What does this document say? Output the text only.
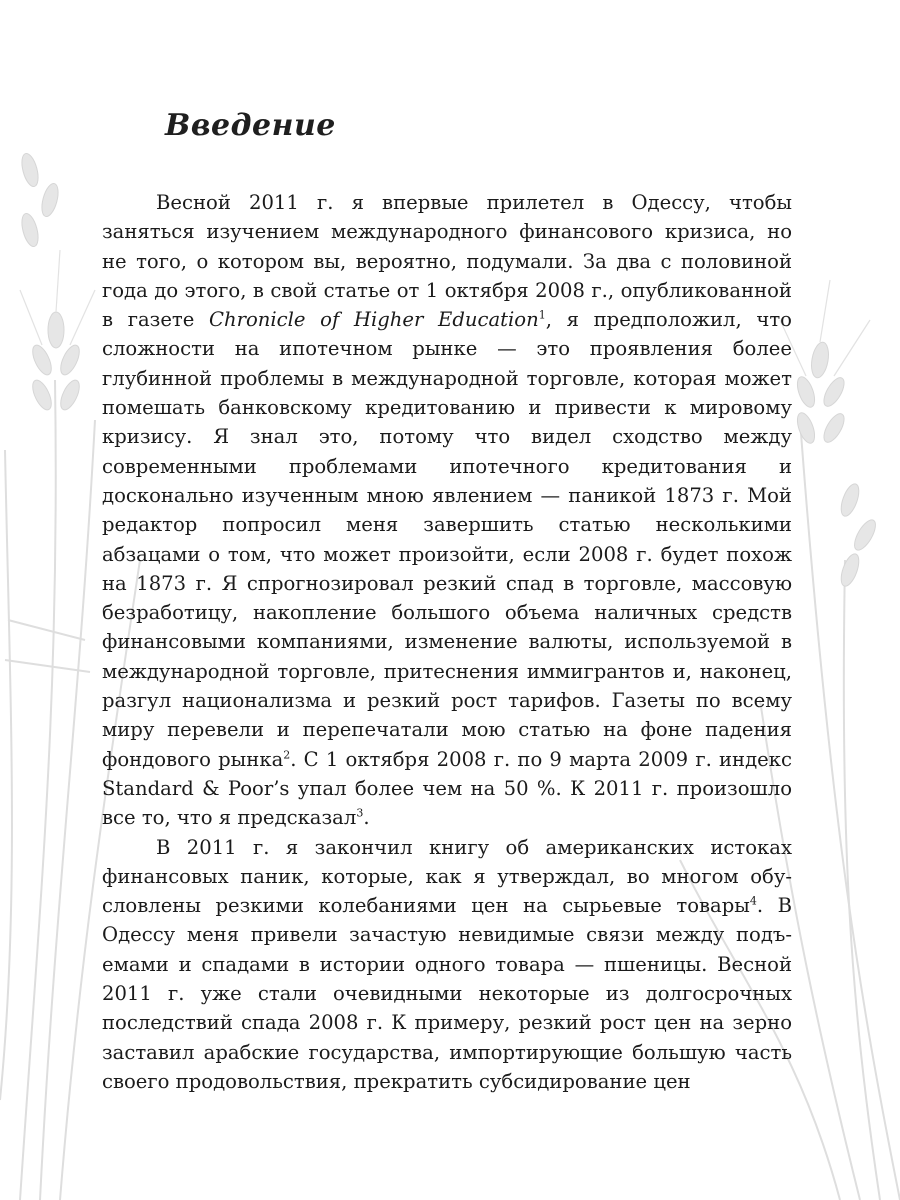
Введение

Весной 2011 г. я впервые прилетел в Одессу, чтобы заняться изучением международного финансового кризиса, но не того, о котором вы, вероятно, подумали. За два с половиной года до этого, в свой статье от 1 октября 2008 г., опубликованной в газете Chronicle of Higher Education$^1$, я предположил, что сложности на ипотечном рынке — это проявления более глубинной проблемы в международной торговле, которая может помешать банковскому кредитованию и привести к мировому кризису. Я знал это, потому что видел сходство между современными проблемами ипотечного кредитования и досконально изученным мною явлением — паникой 1873 г. Мой редактор попросил меня завершить статью несколькими абзацами о том, что может произойти, если 2008 г. будет похож на 1873 г. Я спрогнозировал резкий спад в торговле, массовую безработицу, накопление большого объема наличных средств финансовыми компаниями, изменение валюты, используемой в международной торговле, притеснения иммигрантов и, наконец, разгул национализма и резкий рост тарифов. Газеты по всему миру перевели и перепечатали мою статью на фоне падения фондового рынка$^2$. С 1 октября 2008 г. по 9 марта 2009 г. индекс Standard & Poor’s упал более чем на 50 %. К 2011 г. произошло все то, что я предсказал$^3$.

В 2011 г. я закончил книгу об американских истоках финансовых паник, которые, как я утверждал, во многом обусловлены резкими колебаниями цен на сырьевые товары$^4$. В Одессу меня привели зачастую невидимые связи между подъемами и спадами в истории одного товара — пшеницы. Весной 2011 г. уже стали очевидными некоторые из долгосрочных последствий спада 2008 г. К примеру, резкий рост цен на зерно заставил арабские государства, импортирующие большую часть своего продовольствия, прекратить субсидирование цен
